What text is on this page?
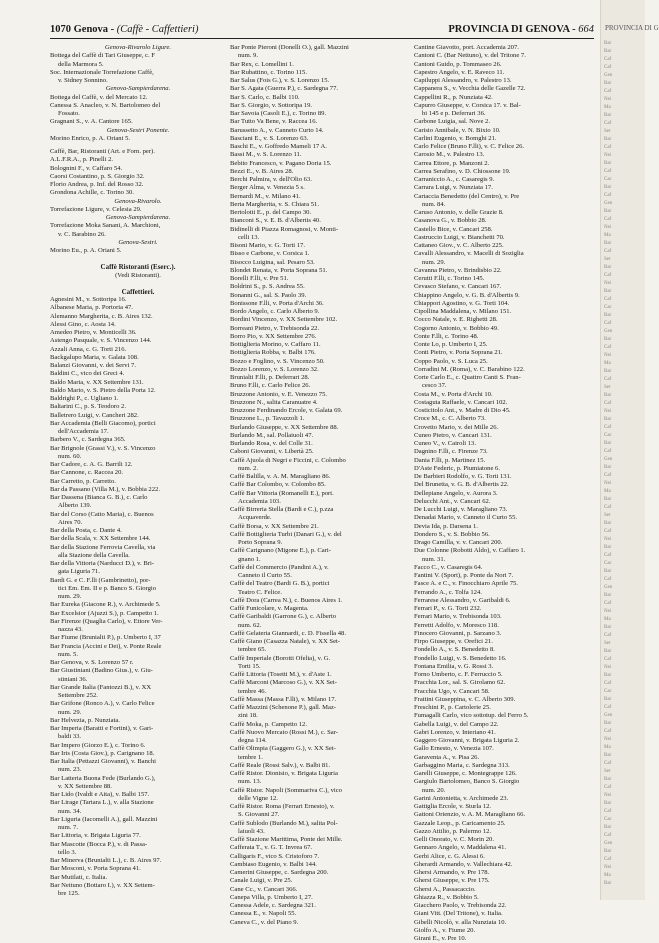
1070 Genova - (Caffè - Caffettieri)	PROVINCIA DI GENOVA - 664
Genova-Rivarolo Ligure.
Bottega del Caffè di Tari Giuseppe, c. F
della Marmora 5.
Soc. Internazionale Torrefazione Caffè,
v. Sidney Sonnino.
Genova-Sampierdarena.
Bottega del Caffè, v. del Mercato 12.
Canessa S. Anacleo, v. N. Bartolomeo del
Fossato.
Gragnani S., v. A. Cantore 165.
Genova-Sestri Ponente.
Morino Enrico, p. A. Oriani 5.
Caffè, Bar, Ristoranti (Art. e Forn. per).
A.L.F.R.A., p. Pinelli 2.
Bolognini F., v. Caffaro 54.
Caorsi Costantino, p. S. Giorgio 32.
Florio Andrea, p. Inf. del Rosso 32.
Grondona Achille, c. Torino 30.
Genova-Rivarolo.
Torrefazione Ligure, v. Celesia 29.
Genova-Sampierdarena.
Torrefazione Moka Sanani, A. Marchioni,
v. C. Barabino 26.
Genova-Sestri.
Morino Eu., p. A. Oriani 5.
Caffè Ristoranti (Eserc.).
(Vedi Ristoranti).
Caffettieri.
Agnesini M., v. Sottoripa 16.
Albanese Maria, p. Portoria 47.
Alemanno Margherita, c. B. Aires 132.
Alessi Gino, c. Aosta 14.
Amedeo Pietro, v. Monticelli 36.
Astengo Pasquale, v. S. Vincenzo 144.
Azzali Anna, c. G. Torti 216.
Backgalupo Maria, v. Galata 108.
Balanzi Giovanni, v. dei Servi 7.
Baldini C., vico dei Greci 4.
Baldo Maria, v. XX Settembre 131.
Baldo Mario, v. S. Pietro della Porta 12.
Baldrighi P., c. Ugliano 1.
Baltarini C., p. S. Teodoro 2.
Balletrero Luigi, v. Cancheri 282.
Bar Accademia (Belli Giacomo), portici
dell'Accademia 17.
Barbero V., c. Sardegna 365.
Bar Brignole (Grassi V.), v. S. Vincenzo
num. 60.
Bar Cadore, c. A. G. Barrili 12.
Bar Cannone, c. Raccea 20.
Bar Carretto, p. Carretto.
Bar da Passano (Villa M.), v. Bobbia 222.
Bar Dassena (Bianca G. B.), c. Carlo
Alberto 139.
Bar del Corso (Catto Maria), c. Buenos
Aires 70.
Bar della Posta, c. Dante 4.
Bar della Scala, v. XX Settembre 144.
Bar della Stazione Ferrovia Cavella, via
alla Stazione della Cavella.
Bar della Vittoria (Narducci D.), v. Bri-
gata Liguria 71.
Bardi G. e C. F.lli (Gambrinetto), por-
tici Em. Em. II e p. Banco S. Giorgio
num. 29.
Bar Eureka (Giacone R.), v. Archimede 5.
Bar Excelsior (Ajuzzi S.), p. Campetto 1.
Bar Firenze (Quaglia Carlo), v. Ettore Ver-
nazza 43.
Bar Fiume (Brunialti P.), p. Umberto I, 37
Bar Francia (Accini e Dei), v. Ponte Reale
num. 5.
Bar Genova, v. S. Lorenzo 57 r.
Bar Giustiniani (Badino Gius.), v. Giu-
stiniani 36.
Bar Grande Italia (Fantozzi B.), v. XX
Settembre 252.
Bar Grifone (Ronco A.), v. Carlo Felice
num. 29.
Bar Helvezia, p. Nunziata.
Bar Imperia (Baratti e Fortini), v. Gari-
baldi 33.
Bar Impero (Giorzo E.), c. Torino 6.
Bar Iris (Costa Giov.), p. Carignano 18.
Bar Italia (Pettazzi Giovanni), v. Banchi
num. 23.
Bar Latteria Buona Fede (Burlando G.),
v. XX Settembre 88.
Bar Lido (Ivaldi e Aita), v. Balbi 157.
Bar Lirage (Tartara L.), v. alla Stazione
num. 34.
Bar Liguria (Iacomelli A.), gall. Mazzini
num. 7.
Bar Littoria, v. Brigata Liguria 77.
Bar Mascotte (Bocca P.), v. di Passa-
tello 3.
Bar Minerva (Brunialti L.), c. B. Aires 97.
Bar Mosconi, v. Porta Soprana 41.
Bar Mutilati, c. Italia.
Bar Nettuno (Bottaro I.), v. XX Settem-
bre 125.
Bar Ponte Pieroni (Donelli O.), gall. Mazzini
num. 9.
Bar Rex, c. Lomellini 1.
Bar Rubattino, c. Torino 115.
Bar Salus (Fois G.), v. S. Lorenzo 15.
Bar S. Agata (Guerra P.), c. Sardegna 77.
Bar S. Carlo, c. Balbi 110.
Bar S. Giorgio, v. Sottoripa 19.
Bar Savoia (Casoli E.), c. Torino 89.
Bar Tutto Va Bene, v. Raccea 16.
Barussetto A., v. Canneto Curto 14.
Basciani E., v. S. Lorenzo 63.
Baschi E., v. Goffredo Mameli 17 A.
Bassi M., v. S. Lorenzo 11.
Bebito Francesco, v. Pagano Doria 15.
Bezzi E., v. B. Aires 28.
Berchi Palmira, v. dell'Olio 63.
Berger Alma, v. Venezia 5 s.
Bernardi M., v. Milano 41.
Berta Margherita, v. S. Chiara 51.
Bertolotti E., p. del Campo 30.
Bianconi S., v. E. B. d'Albertis 40.
Bidinelli di Piazza Romagnosi, v. Monti-
celli 13.
Bisoni Mario, v. G. Torti 17.
Bisso e Carbone, v. Corsica 1.
Bisocco Luigina, sal. Pesaro 53.
Blondet Renata, v. Porta Soprana 51.
Borelli F.lli, v. Pre 51.
Boldrini S., p. S. Andrea 55.
Bonanni G., sal. S. Paolo 39.
Bonissone F.lli, v. Porta d'Archi 36.
Bordo Angelo, c. Carlo Alberto 9.
Bordini Vincenzo, v. XX Settembre 102.
Borreani Pietro, v. Trebisonda 22.
Borro Pio, v. XX Settembre 276.
Bottiglieria Morino, v. Caffaro 11.
Bottiglieria Robba, v. Balbi 176.
Bozzo e Foglino, v. S. Vincenzo 50.
Bozzo Lorenzo, v. S. Lorenzo 32.
Brunialti F.lli, p. Deferrari 28.
Bruno F.lli, c. Carlo Felice 26.
Bruzzone Antonio, v. E. Venezzo 75.
Bruzzone N., salita Caranuatre 4.
Bruzzone Ferdinando Ercole, v. Galata 69.
Bruzzone L., p. Tavazzoli 1.
Burlando Giuseppe, v. XX Settembre 88.
Burlando M., sal. Pollaiuoli 47.
Burlando Rosa, v. del Colle 31.
Caboni Giovanni, v. Libertà 25.
Caffè Ajuola di Negri e Ficcini, c. Colombo
num. 2.
Caffè Balilla, v. A. M. Maragliano 86.
Caffè Bar Colombo, v. Colombo 85.
Caffè Bar Vittoria (Romanelli E.), port.
Accademia 103.
Caffè Birreria Stella (Bardi e C.), p.zza
Acquaverde.
Caffè Borsa, v. XX Settembre 21.
Caffè Bottiglieria Turbi (Danari G.), v. del
Porto Soprana 9.
Caffè Carignano (Migone E.), p. Cari-
gnano 1.
Caffè del Commercio (Pandini A.), v.
Canneto il Curto 55.
Caffè del Teatro (Bardi G. B.), portici
Teatro C. Felice.
Caffè Dora (Carrea N.), c. Buenos Aires 1.
Caffè Funicolare, v. Magenta.
Caffè Garibaldi (Garrone G.), c. Alberto
num. 62.
Caffè Gelateria Giannardi, c. D. Fissella 48.
Caffè Giano (Casazza Natale), v. XX Set-
tembre 65.
Caffè Imperiale (Borotti Ofelia), v. G.
Torti 15.
Caffè Littoria (Tosetti M.), v. d'Aste 1.
Caffè Marconi (Marcoso G.), v. XX Set-
tembre 46.
Caffè Massa (Massa F.lli), v. Milano 17.
Caffè Mazzini (Schenone P.), gall. Maz-
zini 18.
Caffè Moka, p. Campetto 12.
Caffè Nuovo Mercato (Rossi M.), c. Sar-
degna 114.
Caffè Olimpia (Gaggero G.), v. XX Set-
tembre 1.
Caffè Reale (Rossi Salv.), v. Balbi 81.
Caffè Ristor. Dionisio, v. Brigata Liguria
num. 13.
Caffè Ristor. Napoli (Sommariva C.), vico
delle Vigne 12.
Caffè Ristor. Roma (Ferrari Ernesto), v.
S. Giovanni 27.
Caffè Sublodo (Burlando M.), salita Pol-
laiuoli 43.
Caffè Stazione Marittima, Ponte dei Mille.
Cafferata T., v. G. T. Invrea 67.
Calligaris F., vico S. Cristoforo 7.
Cambiaso Eugenio, v. Balbi 144.
Camerini Giuseppe, c. Sardegna 200.
Canale Luigi, v. Pre 25.
Cane Cc., v. Cancari 366.
Canepa Villa, p. Umberto I, 27.
Canessa Adele, c. Sardegna 321.
Canessa E., v. Napoli 55.
Caneva C., v. del Piano 9.
Cantine Giavotto, port. Accademia 207.
Cantoni C. (Bar Nettuno), v. del Tritone 7.
Cantoni Guido, p. Tommaseo 26.
Capestro Angelo, v. E. Raveco 11.
Capiluppi Alessandro, v. Palestro 13.
Cappanera S., v. Vecchia delle Gazelle 72.
Cappellini R., p. Nunziata 42.
Capurro Giuseppe, v. Corsica 17. v. Bal-
bi 145 e p. Deferrari 36.
Carbone Luigia, sal. Nove 2.
Carisio Annibale, v. N. Bixio 10.
Carlini Eugenio, v. Bomghi 21.
Carlo Felice (Bruno F.lli), v. C. Felice 26.
Carosio M., v. Palestro 13.
Carrea Ettore, p. Manzoni 2.
Carrea Serafino, v. D. Chiossone 19.
Carraniccio A., c. Casaregis 9.
Carrara Luigi, v. Nunziata 17.
Cartaccia Benedetto (del Centro), v. Pre
num. 84.
Caruso Antonio, v. delle Grazie 8.
Casanova G., v. Bobbio 28.
Castello Bice, v. Cancari 258.
Castruccio Luigi, v. Bianchetti 70.
Cattaneo Giov., v. C. Alberto 225.
Cavalli Alessandro, v. Macelli di Soziglia
num. 29.
Cavanna Pietro, v. Brindisbio 22.
Cerutti F.lli, c. Torino 145.
Cevasco Stefano, v. Cancari 167.
Chiappino Angelo, v. G. B. d'Albertis 9.
Chiappori Agostino, v. G. Torti 104.
Cipollina Maddalena, v. Milano 151.
Cocco Natale, v. E. Righetti 28.
Cogorno Antonio, v. Bobbio 49.
Conte F.lli, c. Torino 48.
Conte Lo, p. Umberto I, 25.
Conti Pietro, v. Porta Soprana 21.
Coppo Paolo, v. S. Luca 25.
Corradini M. (Roma), v. C. Barabino 122.
Corte Carlo E., c. Quattro Canti S. Fran-
cesco 37.
Costa M., v. Porta d'Archi 10.
Costaguta Raffaele, v. Cancari 102.
Costicitolo Ant., v. Madre di Dio 45.
Croce M., c. C. Alberto 73.
Crovetto Mario, v. dei Mille 26.
Cuneo Pietro, v. Cancari 131.
Cuneo V., v. Cairoli 13.
Dagnino F.lli, c. Firenze 73.
Dania F.lli, p. Martinez 15.
D'Aste Federic, p. Piumiatone 6.
De Barbieri Rodolfo, v. G. Torti 131.
Del Brunetta, v. G. B. d'Albertis 22.
Dellepiane Angelo, v. Aurora 3.
Delucchi Ant., v. Cancari 62.
De Lucchi Luigi, v. Maragliano 73.
Denadai Mario, v. Canneto il Curto 55.
Devia Ida, p. Darsena 1.
Dondero S., v. S. Bobbio 56.
Drago Camilla, v. v. Cancari 200.
Due Colonne (Robotti Aldo), v. Caffaro 1.
num. 31.
Facco C., v. Casaregis 64.
Fantini V. (Sport), p. Ponte da Nori 7.
Fasce A. e C., v. Finocchiaro Aprile 75.
Ferrando A., c. Tolfa 124.
Ferrarese Alessandro, v. Garibaldi 6.
Ferrari P., v. G. Torti 232.
Ferrari Mario, v. Trebisonda 103.
Ferretti Adolfo, v. Moresco 118.
Finocero Giovanni, p. Sarzano 3.
Firpo Giuseppe, v. Orefici 21.
Fondello A., v. S. Benedetto 8.
Fondello Luigi, v. S. Benedetto 16.
Fontana Emilia, v. G. Rossi 3.
Forno Umberto, c. F. Ferruccio 5.
Fracchia Lor., sal. S. Girolamo 62.
Fracchia Ugo, v. Cancari 58.
Frattini Giuseppina, v. C. Alberto 309.
Freschini P., p. Cartolerie 25.
Fumagalli Carlo, vico sottotup. del Ferro 5.
Gabella Luigi, v. del Campo 22.
Gabri Lorenzo, v. Interiano 41.
Gaggero Giovanni, v. Brigata Liguria 2.
Gallo Ernesto, v. Venezia 107.
Garaventa A., v. Pisa 26.
Garbaggino Maria, c. Sardegna 313.
Garelli Giuseppe, c. Montegrappe 126.
Gargiulo Bartolomeo, Banco S. Giorgio
num. 20.
Garini Antonietta, v. Archimede 23.
Gattiglia Ercole, v. Sturla 12.
Gattoni Orienzio, v. A. M. Maragliano 66.
Gazzale Leop., p. Caricamento 25.
Gazzo Attilio, p. Palermo 12.
Gelli Onorato, v. C. Morin 20.
Gennaro Angelo, v. Maddalena 41.
Gerbi Alice, c. G. Alessi 6.
Gherardi Armando, v. Vallechiara 42.
Ghersi Armando, v. Pre 178.
Ghersi Giuseppe, v. Pre 175.
Ghersi A., Passacaccio.
Ghiazza R., v. Bobbio 5.
Giacchero Paolo, v. Trebisonda 22.
Giani Vitt. (Del Tritone), v. Italia.
Gibelli Nicolò, v. alla Nunziata 10.
Giolfo A., v. Fiume 20.
Girani E., v. Pre 10.
PROVINCIA DI G
Bar
Bar
Caf
Caf
Gen
Bar
Caf
Nei
Ma
Bar
Caf
Ser
Bar
Caf
Nei
Bar
Caf
Cac
Bar
Caf
Gen
Bar
Caf
Nei
Ma
Bar
Caf
Ser
Bar
Caf
Nei
Bar
Caf
Cac
Bar
Caf
Gen
Bar
Caf
Nei
Ma
Bar
Caf
Ser
Bar
Caf
Nei
Bar
Caf
Cac
Bar
Caf
Gen
Bar
Caf
Nei
Ma
Bar
Caf
Ser
Bar
Caf
Nei
Bar
Caf
Cac
Bar
Caf
Gen
Bar
Caf
Nei
Ma
Bar
Caf
Ser
Bar
Caf
Nei
Bar
Caf
Cac
Bar
Caf
Gen
Bar
Caf
Nei
Ma
Bar
Caf
Ser
Bar
Caf
Nei
Bar
Caf
Cac
Bar
Caf
Gen
Bar
Caf
Nei
Ma
Bar
